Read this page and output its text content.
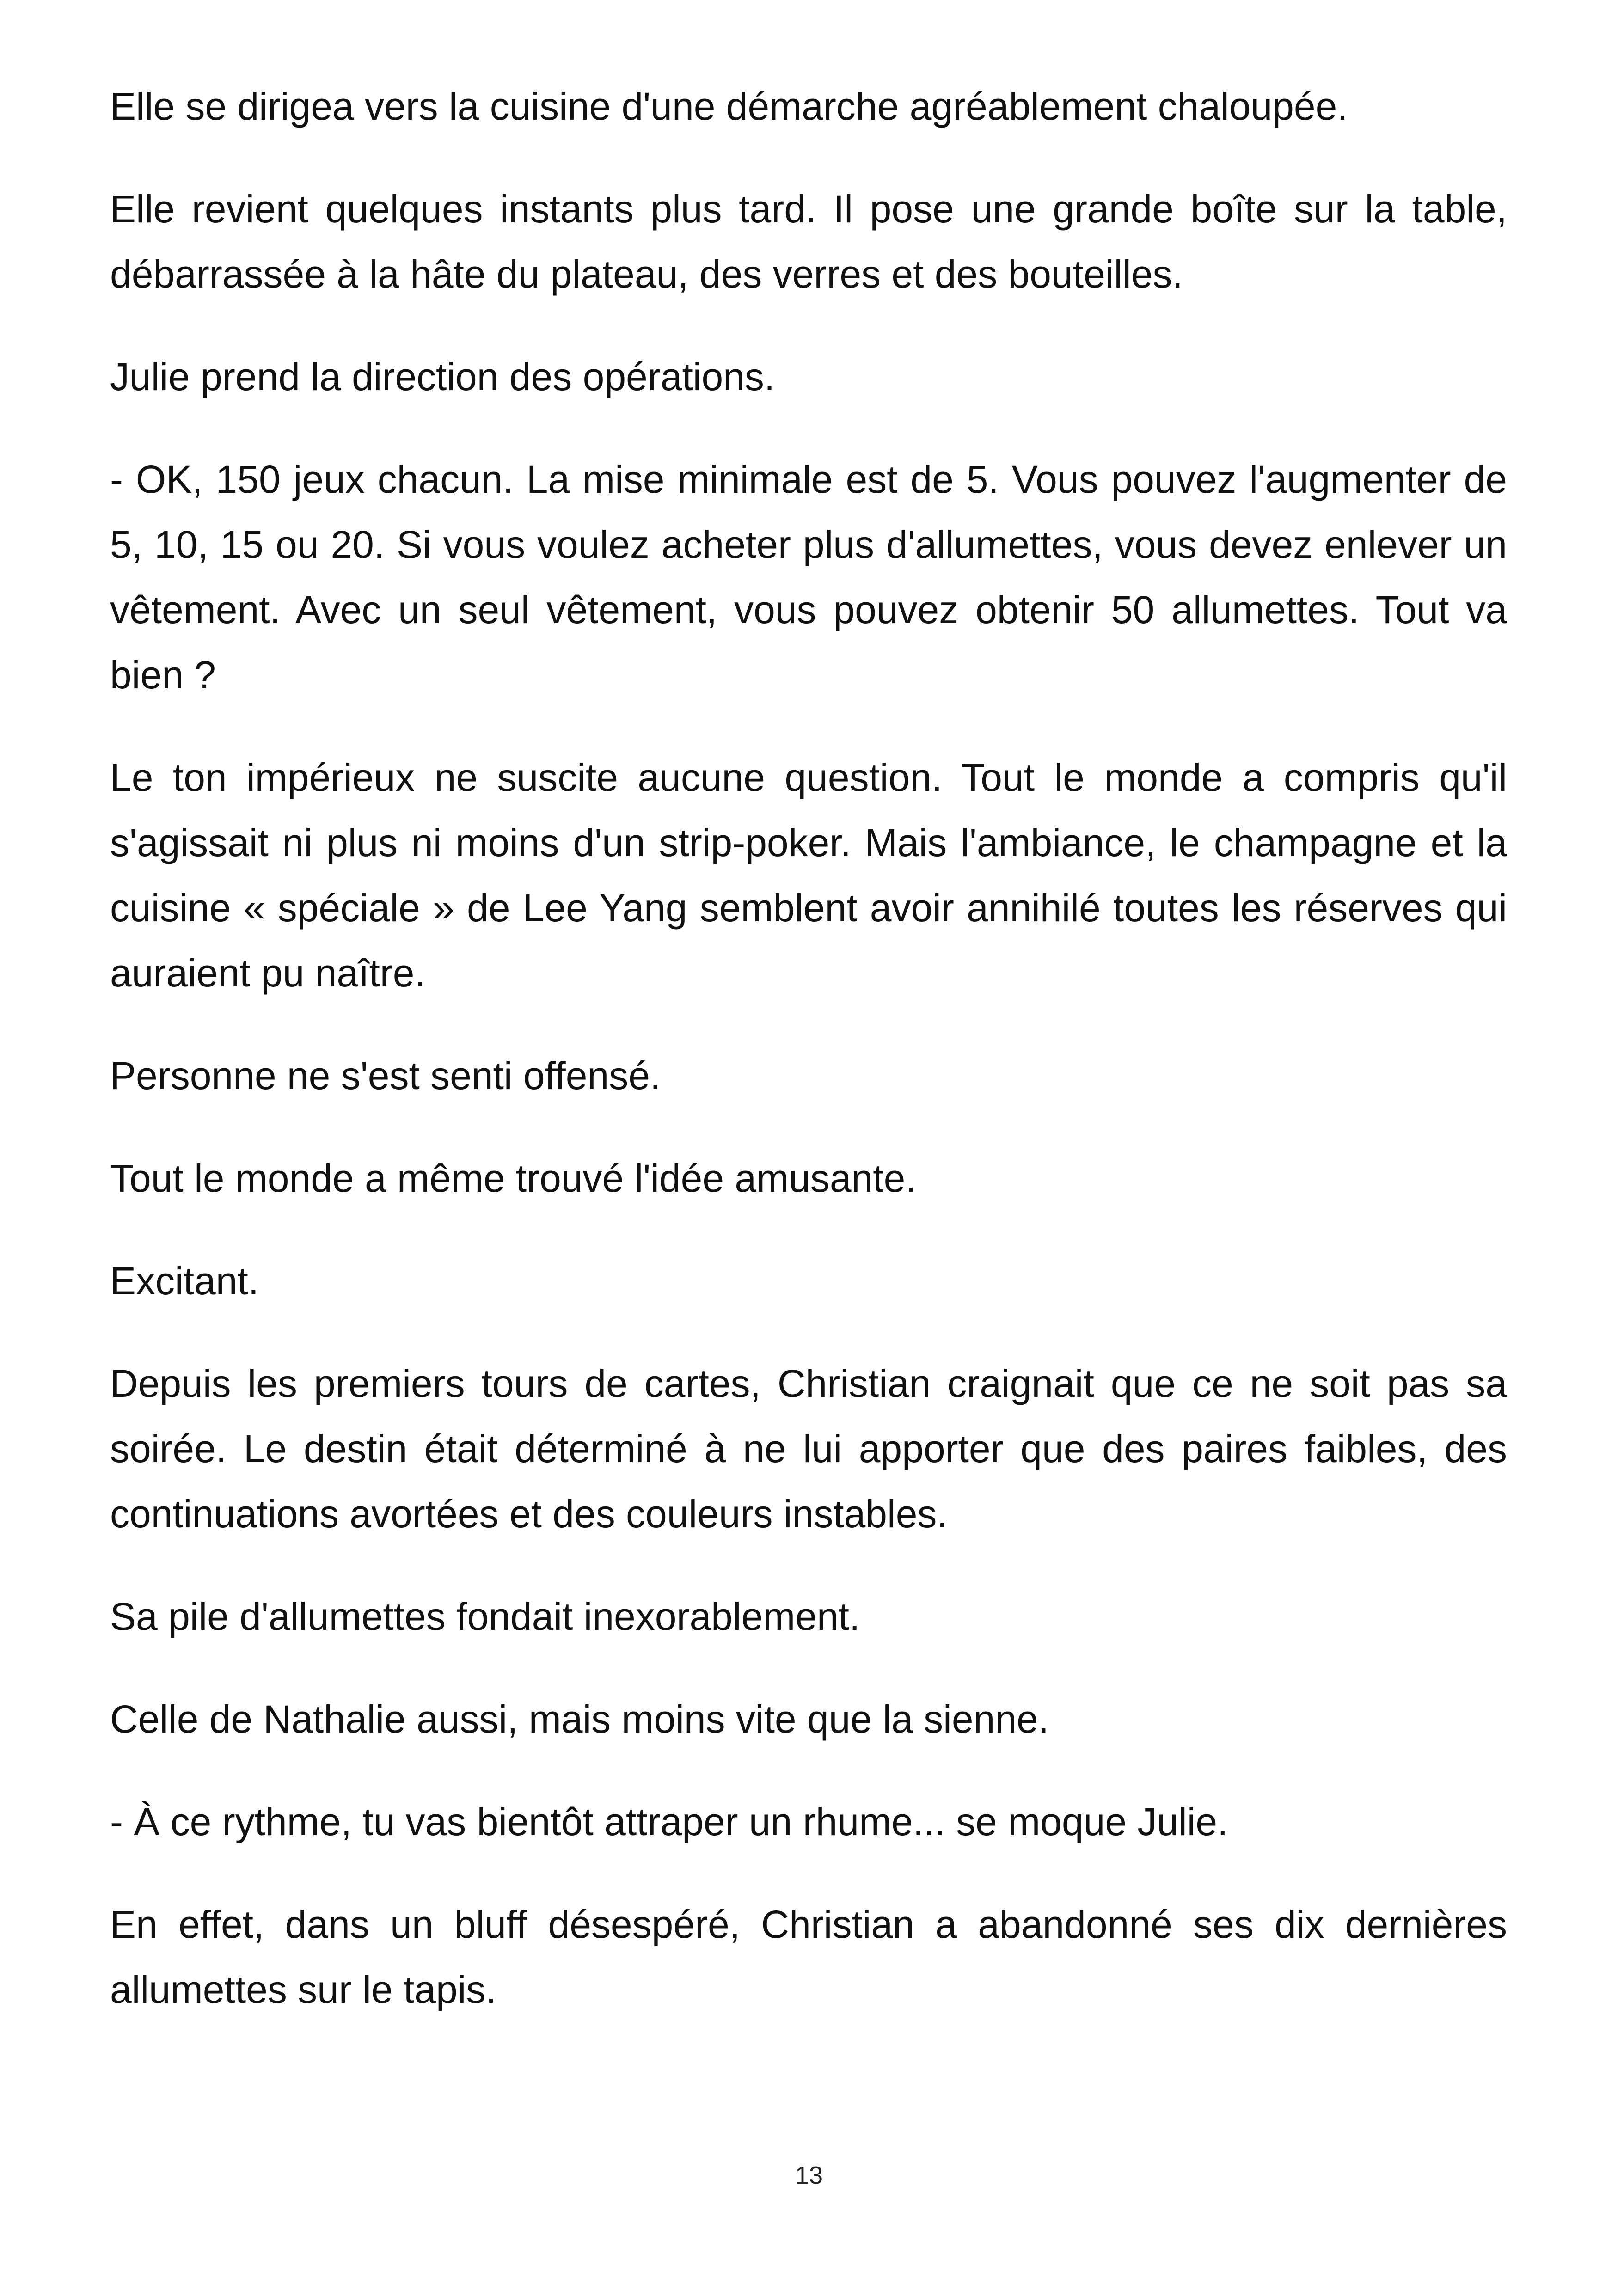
Elle se dirigea vers la cuisine d'une démarche agréablement chaloupée.

Elle revient quelques instants plus tard. Il pose une grande boîte sur la table, débarrassée à la hâte du plateau, des verres et des bouteilles.

Julie prend la direction des opérations.

- OK, 150 jeux chacun. La mise minimale est de 5. Vous pouvez l'augmenter de 5, 10, 15 ou 20. Si vous voulez acheter plus d'allumettes, vous devez enlever un vêtement. Avec un seul vêtement, vous pouvez obtenir 50 allumettes. Tout va bien ?

Le ton impérieux ne suscite aucune question. Tout le monde a compris qu'il s'agissait ni plus ni moins d'un strip-poker. Mais l'ambiance, le champagne et la cuisine « spéciale » de Lee Yang semblent avoir annihilé toutes les réserves qui auraient pu naître.

Personne ne s'est senti offensé.

Tout le monde a même trouvé l'idée amusante.

Excitant.

Depuis les premiers tours de cartes, Christian craignait que ce ne soit pas sa soirée. Le destin était déterminé à ne lui apporter que des paires faibles, des continuations avortées et des couleurs instables.

Sa pile d'allumettes fondait inexorablement.

Celle de Nathalie aussi, mais moins vite que la sienne.

- À ce rythme, tu vas bientôt attraper un rhume... se moque Julie.

En effet, dans un bluff désespéré, Christian a abandonné ses dix dernières allumettes sur le tapis.

13
